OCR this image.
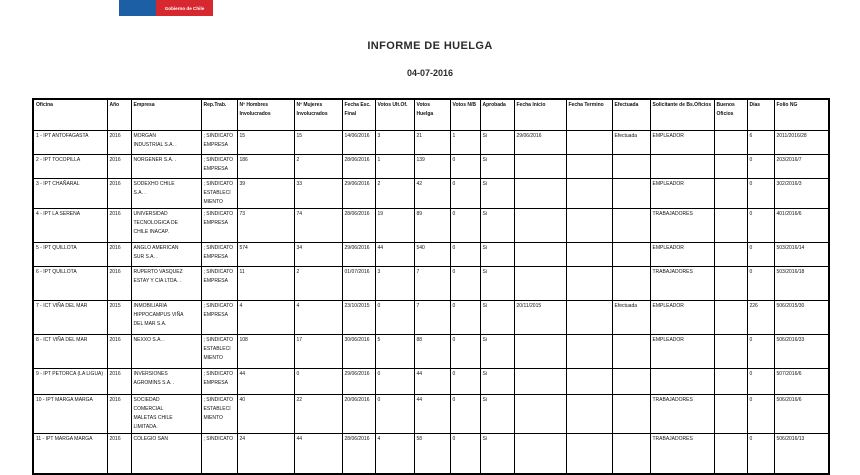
Gobierno de Chile
INFORME DE HUELGA
04-07-2016
Oficina	Año	Empresa	Rep.Trab.	Nº Hombres Involucrados	Nº Mujeres Involucrados	Fecha Esc. Final	Votos Ult.Of.	Votos Huelga	Votos N/B	Aprobada	Fecha Inicio	Fecha Termino	Efectuada	Solicitante de Bs.Oficios	Buenos Oficios	Días	Folio NG
1 - IPT ANTOFAGASTA	2016	MORGAN INDUSTRIAL S.A. .	; SINDICATO EMPRESA	15	15	14/06/2016	3	21	1	Si	29/06/2016		Efectuada	EMPLEADOR		6	2011/2016/28
2 - IPT TOCOPILLA	2016	NORGENER S.A. .	; SINDICATO EMPRESA	186	2	28/06/2016	1	139	0	Si						0	203/2016/7
3 - IPT CHAÑARAL	2016	SODEXHO CHILE S.A. .	; SINDICATO ESTABLECIMIENTO	39	33	29/06/2016	2	42	0	Si				EMPLEADOR		0	302/2016/3
4 - IPT LA SERENA	2016	UNIVERSIDAD TECNOLOGICA DE CHILE INACAP.	; SINDICATO EMPRESA	73	74	28/06/2016	19	89	0	Si				TRABAJADORES		0	401/2016/6
5 - IPT QUILLOTA	2016	ANGLO AMERICAN SUR S.A. .	; SINDICATO EMPRESA	574	34	29/06/2016	44	540	0	Si				EMPLEADOR		0	503/2016/14
6 - IPT QUILLOTA	2016	RUPERTO VASQUEZ ESTAY Y CIA LTDA. .	; SINDICATO EMPRESA	11	2	01/07/2016	3	7	0	Si				TRABAJADORES		0	503/2016/18
7 - ICT VIÑA DEL MAR	2015	INMOBILIARIA HIPPOCAMPUS VIÑA DEL MAR S.A.	; SINDICATO EMPRESA	4	4	23/10/2015	0	7	0	Si	20/11/2015		Efectuada	EMPLEADOR		226	506/2015/30
8 - ICT VIÑA DEL MAR	2016	NEXXO S.A. .	; SINDICATO ESTABLECIMIENTO	108	17	30/06/2016	5	88	0	Si				EMPLEADOR		0	506/2016/33
9 - IPT PETORCA (LA LIGUA)	2016	INVERSIONES AGROMINS S.A. .	; SINDICATO EMPRESA	44	0	29/06/2016	0	44	0	Si						0	507/2016/6
10 - IPT MARGA MARGA	2016	SOCIEDAD COMERCIAL MALETAS CHILE LIMITADA.	; SINDICATO ESTABLECIMIENTO	40	22	20/06/2016	0	44	0	Si				TRABAJADORES		0	506/2016/6
11 - IPT MARGA MARGA	2016	COLEGIO SAN	; SINDICATO	24	44	28/06/2016	4	58	0	Si				TRABAJADORES		0	506/2016/13
